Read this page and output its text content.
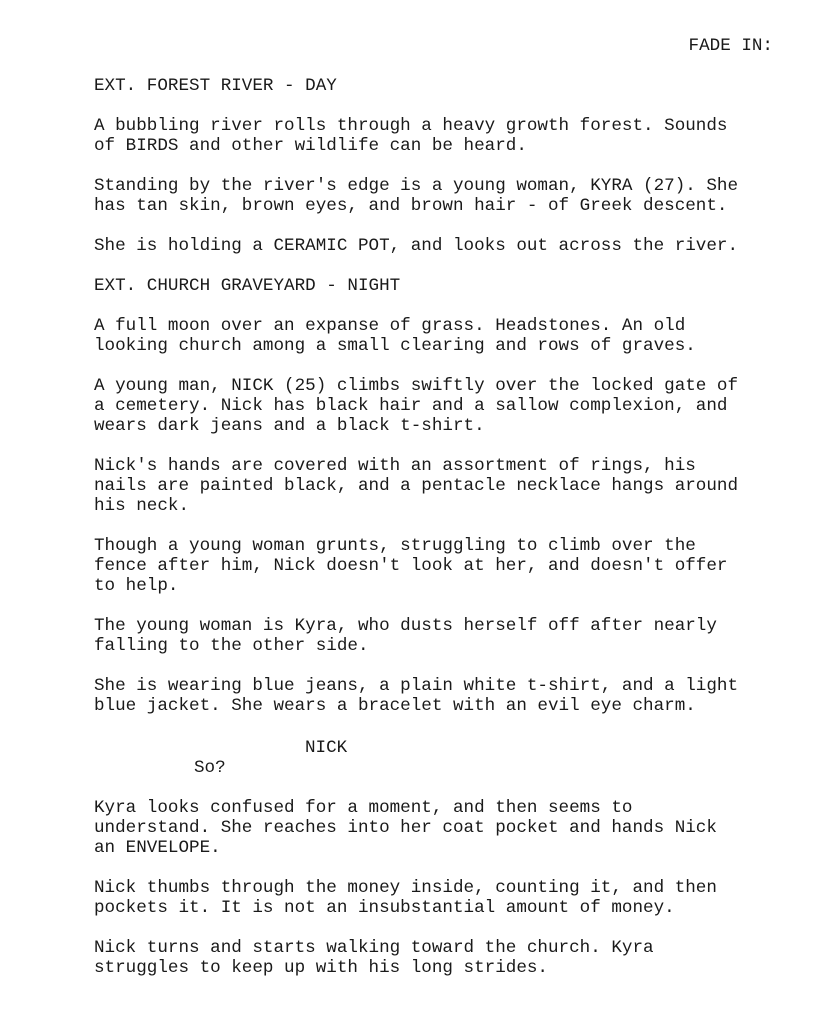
FADE IN:
EXT. FOREST RIVER - DAY
A bubbling river rolls through a heavy growth forest. Sounds
of BIRDS and other wildlife can be heard.
Standing by the river's edge is a young woman, KYRA (27). She
has tan skin, brown eyes, and brown hair - of Greek descent.
She is holding a CERAMIC POT, and looks out across the river.
EXT. CHURCH GRAVEYARD - NIGHT
A full moon over an expanse of grass. Headstones. An old
looking church among a small clearing and rows of graves.
A young man, NICK (25) climbs swiftly over the locked gate of
a cemetery. Nick has black hair and a sallow complexion, and
wears dark jeans and a black t-shirt.
Nick's hands are covered with an assortment of rings, his
nails are painted black, and a pentacle necklace hangs around
his neck.
Though a young woman grunts, struggling to climb over the
fence after him, Nick doesn't look at her, and doesn't offer
to help.
The young woman is Kyra, who dusts herself off after nearly
falling to the other side.
She is wearing blue jeans, a plain white t-shirt, and a light
blue jacket. She wears a bracelet with an evil eye charm.
NICK
So?
Kyra looks confused for a moment, and then seems to
understand. She reaches into her coat pocket and hands Nick
an ENVELOPE.
Nick thumbs through the money inside, counting it, and then
pockets it. It is not an insubstantial amount of money.
Nick turns and starts walking toward the church. Kyra
struggles to keep up with his long strides.
